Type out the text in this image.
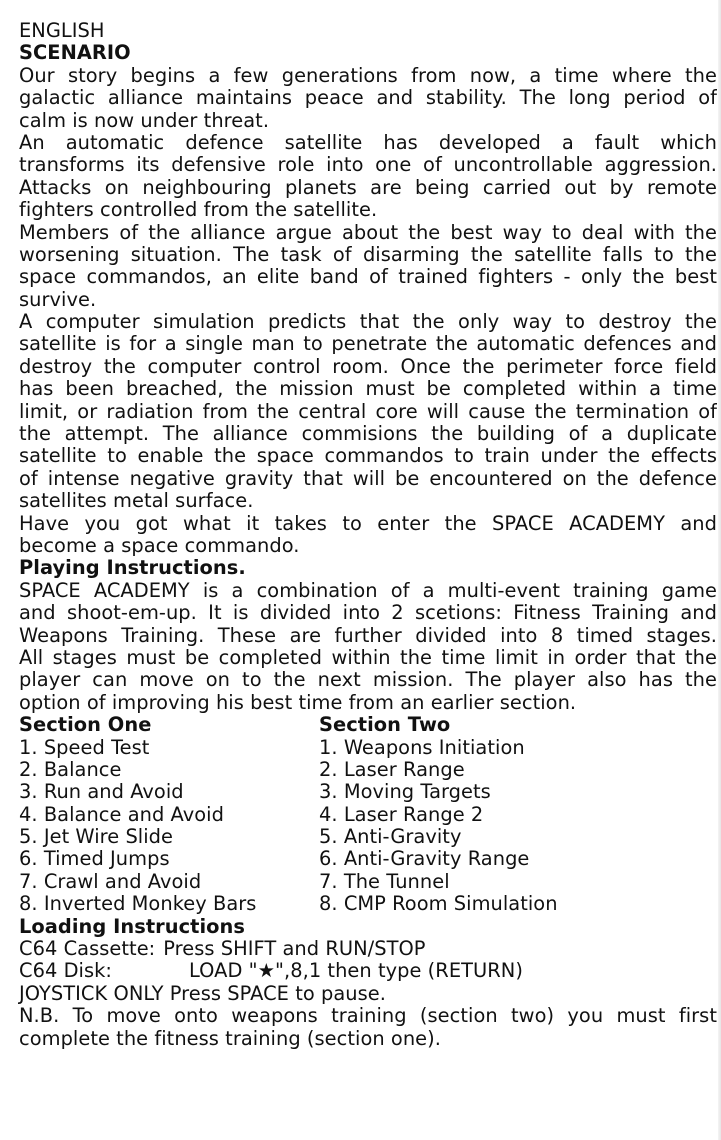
ENGLISH
SCENARIO
Our story begins a few generations from now, a time where the
galactic alliance maintains peace and stability. The long period of
calm is now under threat.
An automatic defence satellite has developed a fault which
transforms its defensive role into one of uncontrollable aggression.
Attacks on neighbouring planets are being carried out by remote
fighters controlled from the satellite.
Members of the alliance argue about the best way to deal with the
worsening situation. The task of disarming the satellite falls to the
space commandos, an elite band of trained fighters - only the best
survive.
A computer simulation predicts that the only way to destroy the
satellite is for a single man to penetrate the automatic defences and
destroy the computer control room. Once the perimeter force field
has been breached, the mission must be completed within a time
limit, or radiation from the central core will cause the termination of
the attempt. The alliance commisions the building of a duplicate
satellite to enable the space commandos to train under the effects
of intense negative gravity that will be encountered on the defence
satellites metal surface.
Have you got what it takes to enter the SPACE ACADEMY and
become a space commando.
Playing Instructions.
SPACE ACADEMY is a combination of a multi-event training game
and shoot-em-up. It is divided into 2 scetions: Fitness Training and
Weapons Training. These are further divided into 8 timed stages.
All stages must be completed within the time limit in order that the
player can move on to the next mission. The player also has the
option of improving his best time from an earlier section.
Section One
1. Speed Test
2. Balance
3. Run and Avoid
4. Balance and Avoid
5. Jet Wire Slide
6. Timed Jumps
7. Crawl and Avoid
8. Inverted Monkey Bars
Section Two
1. Weapons Initiation
2. Laser Range
3. Moving Targets
4. Laser Range 2
5. Anti-Gravity
6. Anti-Gravity Range
7. The Tunnel
8. CMP Room Simulation
Loading Instructions
C64 Cassette: Press SHIFT and RUN/STOP
C64 Disk:	LOAD "★",8,1 then type (RETURN)
JOYSTICK ONLY Press SPACE to pause.
N.B. To move onto weapons training (section two) you must first
complete the fitness training (section one).
